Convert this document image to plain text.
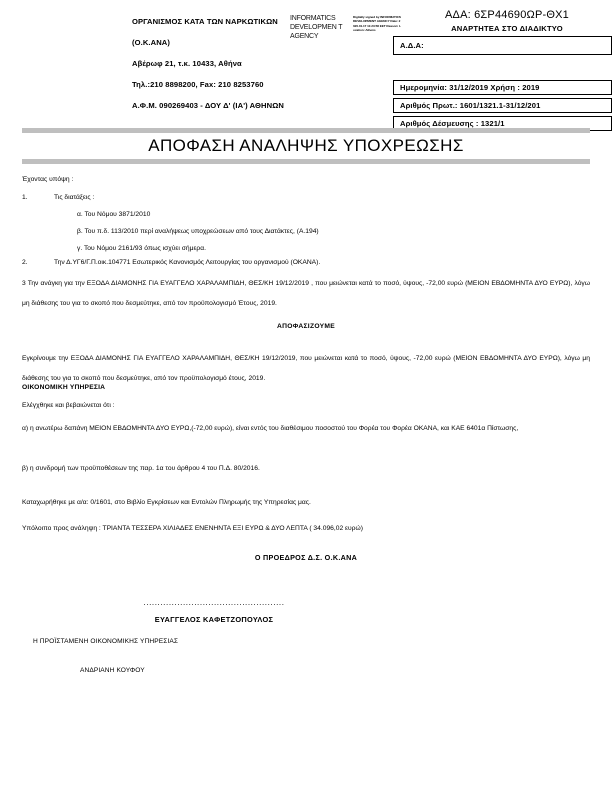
ΟΡΓΑΝΙΣΜΟΣ ΚΑΤΑ ΤΩΝ ΝΑΡΚΩΤΙΚΩΝ
(Ο.Κ.ΑΝΑ)
Αβέρωφ 21, τ.κ. 10433, Αθήνα
Τηλ.:210 8898200, Fax: 210 8253760
Α.Φ.Μ. 090269403 - ΔΟΥ Δ' (ΙΑ') ΑΘΗΝΩΝ
INFORMATICS DEVELOPMEN T AGENCY
Digitally signed by INFORMATICS DEVELOPMENT AGENCY Date: 2020.01.17 11:23:58 EET Reason: Location: Athens
ΑΔΑ: 6ΣΡ44690ΩΡ-ΘΧ1
ΑΝΑΡΤΗΤΕΑ ΣΤΟ ΔΙΑΔΙΚΤΥΟ
Α.Δ.Α:
Ημερομηνία: 31/12/2019 Χρήση : 2019
Αριθμός Πρωτ.: 1601/1321.1-31/12/201
Αριθμός Δέσμευσης : 1321/1
ΑΠΟΦΑΣΗ ΑΝΑΛΗΨΗΣ ΥΠΟΧΡΕΩΣΗΣ
Έχοντας υπόψη :
1.	Τις διατάξεις :
α. Του Νόμου 3871/2010
β. Του π.δ. 113/2010 περί αναλήψεως υποχρεώσεων από τους Διατάκτες, (Α.194)
γ. Του Νόμου 2161/93 όπως ισχύει σήμερα.
2.	Την Δ.ΥΓ6/Γ.Π.οικ.104771 Εσωτερικός Κανονισμός Λειτουργίας του οργανισμού (ΟΚΑΝΑ).
3 Την ανάγκη για την ΕΞΟΔΑ ΔΙΑΜΟΝΗΣ ΓΙΑ ΕΥΑΓΓΕΛΟ ΧΑΡΑΛΑΜΠΙΔΗ, ΘΕΣ/ΚΗ 19/12/2019 , που μειώνεται κατά το ποσό, ύψους, -72,00 ευρώ (ΜΕΙΟΝ ΕΒΔΟΜΗΝΤΑ ΔΥΟ ΕΥΡΩ), λόγω μη διάθεσης του για το σκοπό που δεσμεύτηκε, από τον προϋπολογισμό Έτους, 2019.
ΑΠΟΦΑΣΙΖΟΥΜΕ
Εγκρίνουμε την ΕΞΟΔΑ ΔΙΑΜΟΝΗΣ ΓΙΑ ΕΥΑΓΓΕΛΟ ΧΑΡΑΛΑΜΠΙΔΗ, ΘΕΣ/ΚΗ 19/12/2019, που μειώνεται κατά το ποσό, ύψους, -72,00 ευρώ (ΜΕΙΟΝ ΕΒΔΟΜΗΝΤΑ ΔΥΟ ΕΥΡΩ), λόγω μη διάθεσης του για το σκοπό που δεσμεύτηκε, από τον προϋπολογισμό έτους, 2019.
ΟΙΚΟΝΟΜΙΚΗ ΥΠΗΡΕΣΙΑ
Ελέγχθηκε και βεβαιώνεται ότι :
α) η ανωτέρω δαπάνη ΜΕΙΟΝ ΕΒΔΟΜΗΝΤΑ ΔΥΟ ΕΥΡΩ,(-72,00 ευρώ), είναι εντός του διαθέσιμου ποσοστού του Φορέα του Φορέα ΟΚΑΝΑ, και ΚΑΕ 6401α Πίστωσης,
β) η συνδρομή των προϋποθέσεων της παρ. 1α του άρθρου 4 του Π.Δ. 80/2016.
Καταχωρήθηκε με α/α: 0/1601, στο Βιβλίο Εγκρίσεων και Εντολών Πληρωμής της Υπηρεσίας μας.
Υπόλοιπο προς ανάληψη : ΤΡΙΑΝΤΑ ΤΕΣΣΕΡΑ ΧΙΛΙΑΔΕΣ ΕΝΕΝΗΝΤΑ ΕΞΙ ΕΥΡΩ & ΔΥΟ ΛΕΠΤΑ ( 34.096,02 ευρώ)
Ο ΠΡΟΕΔΡΟΣ Δ.Σ. Ο.Κ.ΑΝΑ
..................................................
ΕΥΑΓΓΕΛΟΣ ΚΑΦΕΤΖΟΠΟΥΛΟΣ
Η ΠΡΟΪΣΤΑΜΕΝΗ ΟΙΚΟΝΟΜΙΚΗΣ ΥΠΗΡΕΣΙΑΣ
ΑΝΔΡΙΑΝΗ ΚΟΥΦΟΥ
